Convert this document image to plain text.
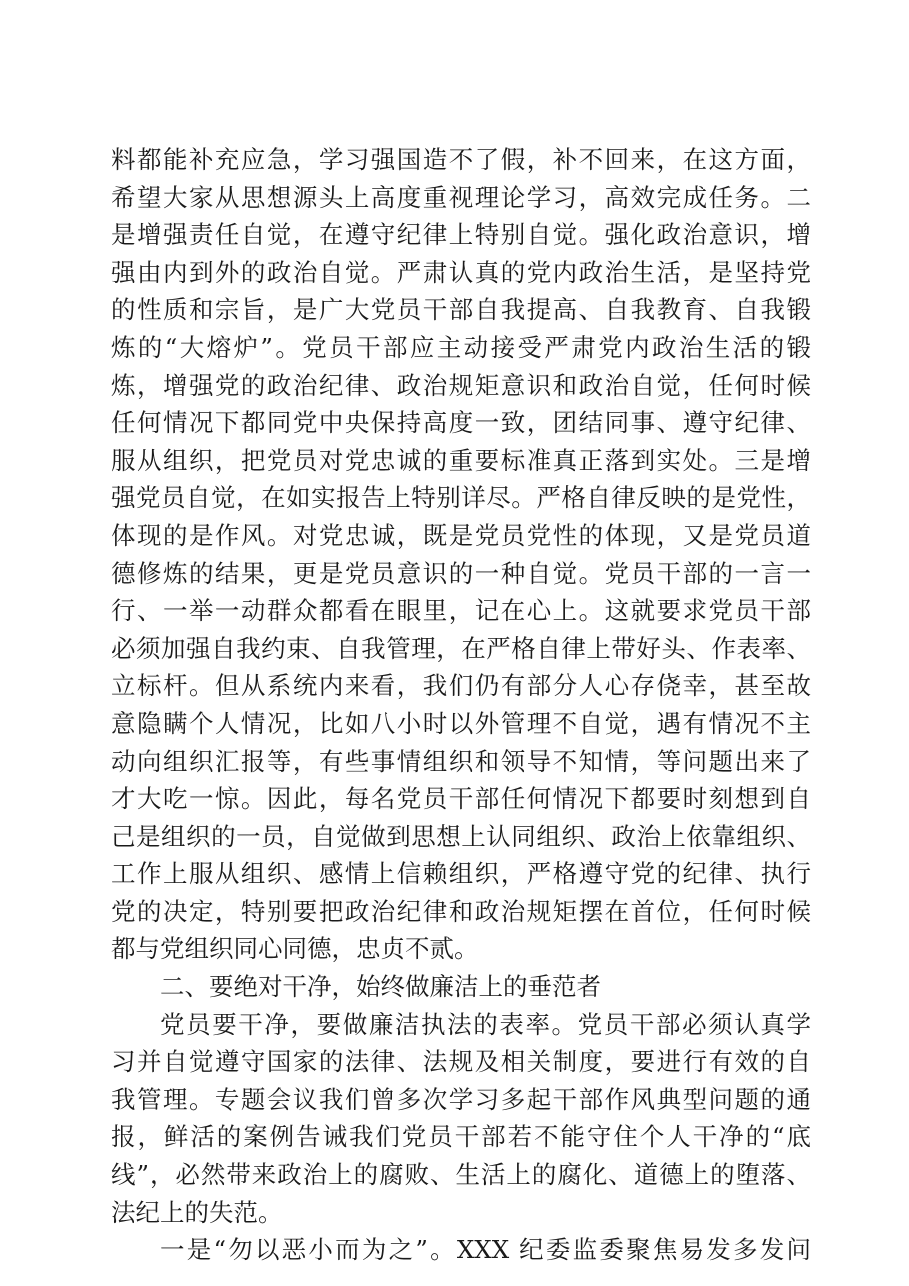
料都能补充应急，学习强国造不了假，补不回来，在这方面，
希望大家从思想源头上高度重视理论学习，高效完成任务。二
是增强责任自觉，在遵守纪律上特别自觉。强化政治意识，增
强由内到外的政治自觉。严肃认真的党内政治生活，是坚持党
的性质和宗旨，是广大党员干部自我提高、自我教育、自我锻
炼的“大熔炉”。党员干部应主动接受严肃党内政治生活的锻
炼，增强党的政治纪律、政治规矩意识和政治自觉，任何时候
任何情况下都同党中央保持高度一致，团结同事、遵守纪律、
服从组织，把党员对党忠诚的重要标准真正落到实处。三是增
强党员自觉，在如实报告上特别详尽。严格自律反映的是党性，
体现的是作风。对党忠诚，既是党员党性的体现，又是党员道
德修炼的结果，更是党员意识的一种自觉。党员干部的一言一
行、一举一动群众都看在眼里，记在心上。这就要求党员干部
必须加强自我约束、自我管理，在严格自律上带好头、作表率、
立标杆。但从系统内来看，我们仍有部分人心存侥幸，甚至故
意隐瞒个人情况，比如八小时以外管理不自觉，遇有情况不主
动向组织汇报等，有些事情组织和领导不知情，等问题出来了
才大吃一惊。因此，每名党员干部任何情况下都要时刻想到自
己是组织的一员，自觉做到思想上认同组织、政治上依靠组织、
工作上服从组织、感情上信赖组织，严格遵守党的纪律、执行
党的决定，特别要把政治纪律和政治规矩摆在首位，任何时候
都与党组织同心同德，忠贞不贰。
二、要绝对干净，始终做廉洁上的垂范者
党员要干净，要做廉洁执法的表率。党员干部必须认真学
习并自觉遵守国家的法律、法规及相关制度，要进行有效的自
我管理。专题会议我们曾多次学习多起干部作风典型问题的通
报，鲜活的案例告诫我们党员干部若不能守住个人干净的“底
线”，必然带来政治上的腐败、生活上的腐化、道德上的堕落、
法纪上的失范。
一是“勿以恶小而为之”。XXX 纪委监委聚焦易发多发问
